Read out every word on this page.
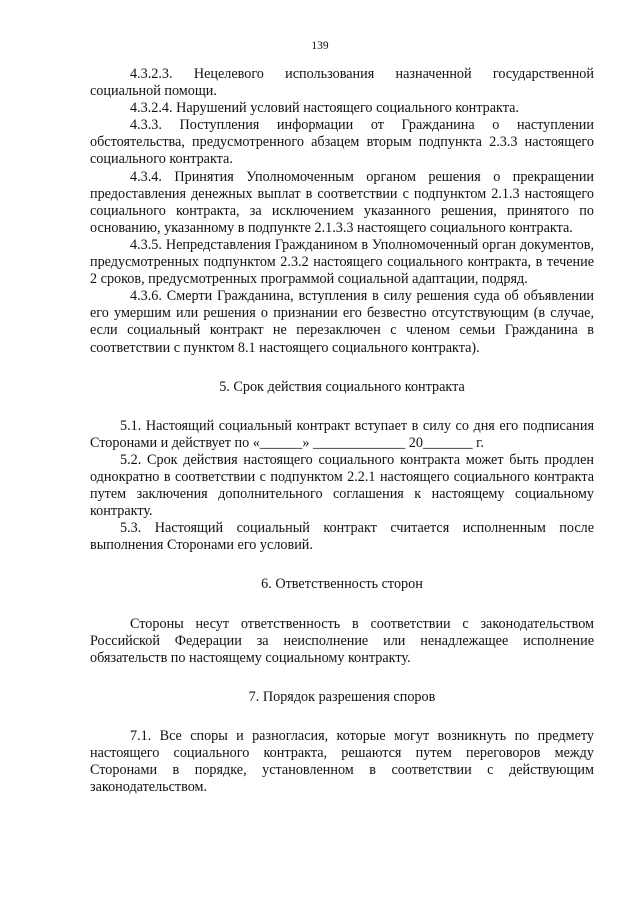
139

4.3.2.3. Нецелевого использования назначенной государственной социальной помощи.

4.3.2.4. Нарушений условий настоящего социального контракта.

4.3.3. Поступления информации от Гражданина о наступлении обстоятельства, предусмотренного абзацем вторым подпункта 2.3.3 настоящего социального контракта.

4.3.4. Принятия Уполномоченным органом решения о прекращении предоставления денежных выплат в соответствии с подпунктом 2.1.3 настоящего социального контракта, за исключением указанного решения, принятого по основанию, указанному в подпункте 2.1.3.3 настоящего социального контракта.

4.3.5. Непредставления Гражданином в Уполномоченный орган документов, предусмотренных подпунктом 2.3.2 настоящего социального контракта, в течение 2 сроков, предусмотренных программой социальной адаптации, подряд.

4.3.6. Смерти Гражданина, вступления в силу решения суда об объявлении его умершим или решения о признании его безвестно отсутствующим (в случае, если социальный контракт не перезаключен с членом семьи Гражданина в соответствии с пунктом 8.1 настоящего социального контракта).

5. Срок действия социального контракта

5.1. Настоящий социальный контракт вступает в силу со дня его подписания Сторонами и действует по «______» _____________ 20_______ г.

5.2. Срок действия настоящего социального контракта может быть продлен однократно в соответствии с подпунктом 2.2.1 настоящего социального контракта путем заключения дополнительного соглашения к настоящему социальному контракту.

5.3. Настоящий социальный контракт считается исполненным после выполнения Сторонами его условий.

6. Ответственность сторон

Стороны несут ответственность в соответствии с законодательством Российской Федерации за неисполнение или ненадлежащее исполнение обязательств по настоящему социальному контракту.

7. Порядок разрешения споров

7.1. Все споры и разногласия, которые могут возникнуть по предмету настоящего социального контракта, решаются путем переговоров между Сторонами в порядке, установленном в соответствии с действующим законодательством.
